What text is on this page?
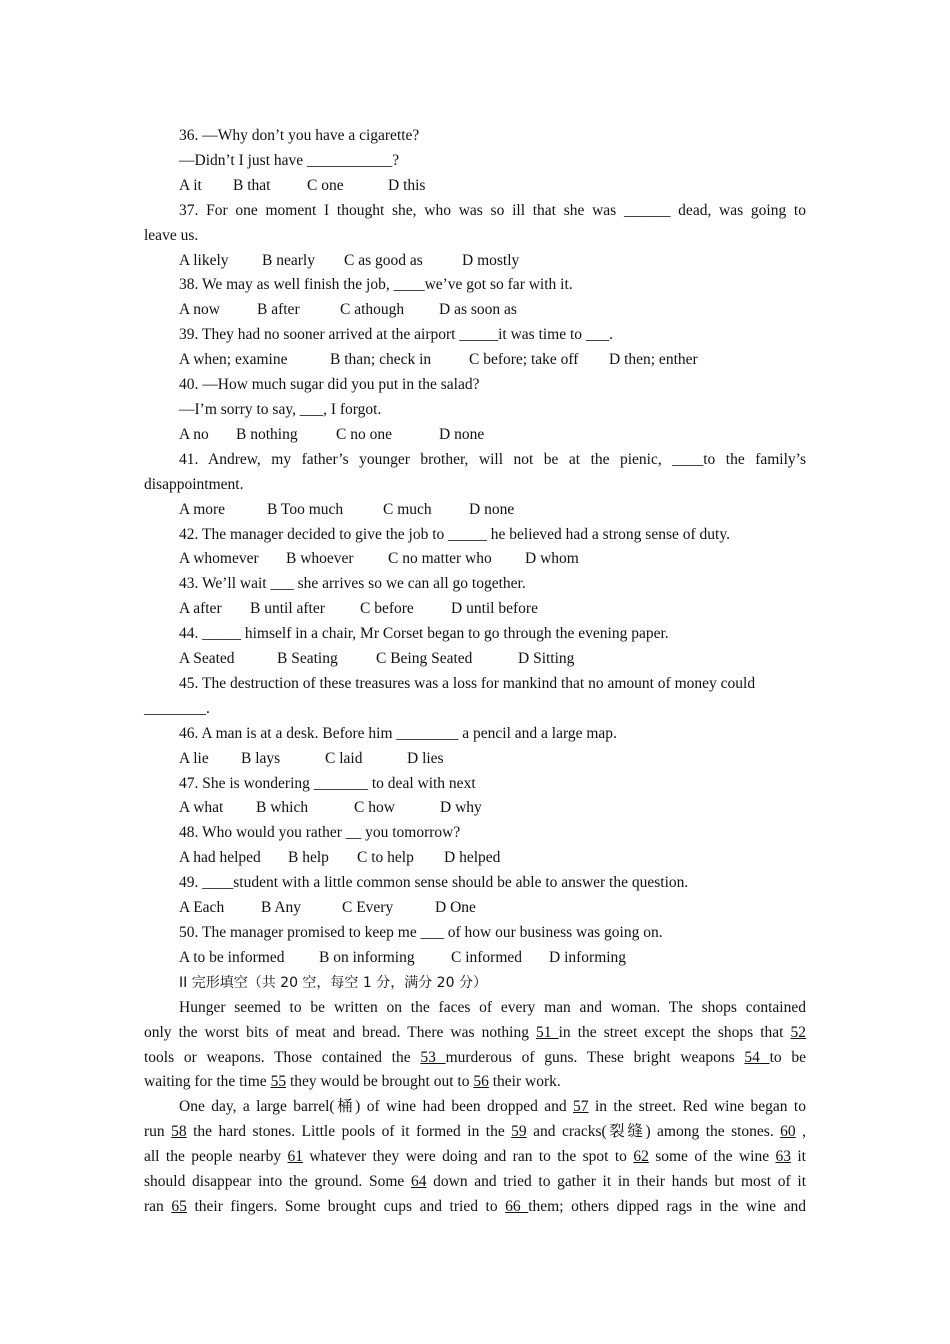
36. —Why don’t you have a cigarette?
—Didn’t I just have ___________?
A it B that C one	D this
37. For one moment I thought she, who was so ill that she was ______ dead, was going to
leave us.
A likely B nearly C as good as	D mostly
38. We may as well finish the job, ____we’ve got so far with it.
A now B after	C athough D as soon as
39. They had no sooner arrived at the airport _____it was time to ___.
A when; examine	B than; check in C before; take off D then; enther
40. —How much sugar did you put in the salad?
—I’m sorry to say, ___, I forgot.
A no B nothing C no one	D none
41. Andrew, my father’s younger brother, will not be at the pienic, ____to the family’s
disappointment.
A more	B Too much	C much D none
42. The manager decided to give the job to _____ he believed had a strong sense of duty.
A whomever B whoever C no matter who D whom
43. We’ll wait ___ she arrives so we can all go together.
A after B until after C before D until before
44. _____ himself in a chair, Mr Corset began to go through the evening paper.
A Seated	B Seating C Being Seated	D Sitting
45. The destruction of these treasures was a loss for mankind that no amount of money could
________.
46. A man is at a desk. Before him ________ a pencil and a large map.
A lie B lays	C laid	D lies
47. She is wondering _______ to deal with next
A what B which	C how	D why
48. Who would you rather __ you tomorrow?
A had helped B help C to help D helped
49. ____student with a little common sense should be able to answer the question.
A Each B Any	C Every	D One
50. The manager promised to keep me ___ of how our business was going on.
A to be informed B on informing C informed D informing
II 完形填空（共 20 空，每空 1 分，满分 20 分）
Hunger seemed to be written on the faces of every man and woman. The shops contained
only the worst bits of meat and bread. There was nothing 51 in the street except the shops that 52
tools or weapons. Those contained the 53 murderous of guns. These bright weapons 54 to be
waiting for the time 55 they would be brought out to 56 their work.
One day, a large barrel(桶) of wine had been dropped and 57 in the street. Red wine began to
run 58 the hard stones. Little pools of it formed in the 59 and cracks(裂缝) among the stones. 60 ,
all the people nearby 61 whatever they were doing and ran to the spot to 62 some of the wine 63 it
should disappear into the ground. Some 64 down and tried to gather it in their hands but most of it
ran 65 their fingers. Some brought cups and tried to 66 them; others dipped rags in the wine and
